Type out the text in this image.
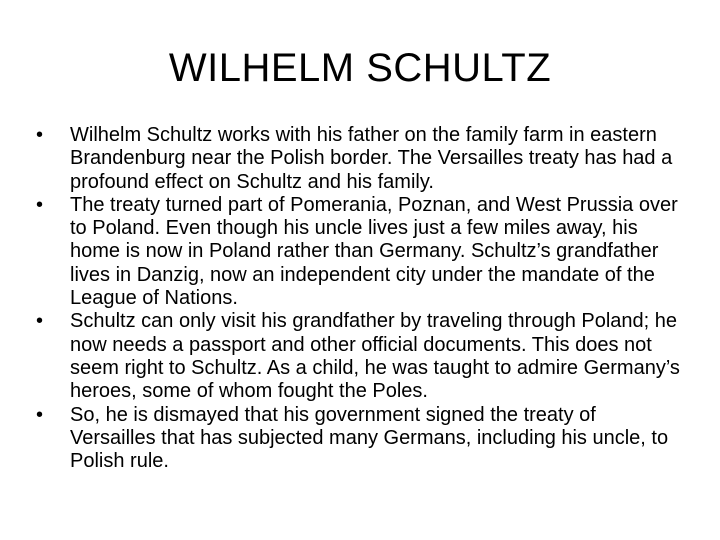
WILHELM SCHULTZ
•	Wilhelm Schultz works with his father on the family farm in eastern Brandenburg near the Polish border. The Versailles treaty has had a profound effect on Schultz and his family.
•	The treaty turned part of Pomerania, Poznan, and West Prussia over to Poland. Even though his uncle lives just a few miles away, his home is now in Poland rather than Germany. Schultz’s grandfather lives in Danzig, now an independent city under the mandate of the League of Nations.
•	Schultz can only visit his grandfather by traveling through Poland; he now needs a passport and other official documents. This does not seem right to Schultz. As a child, he was taught to admire Germany’s heroes, some of whom fought the Poles.
•	So, he is dismayed that his government signed the treaty of Versailles that has subjected many Germans, including his uncle, to Polish rule.
